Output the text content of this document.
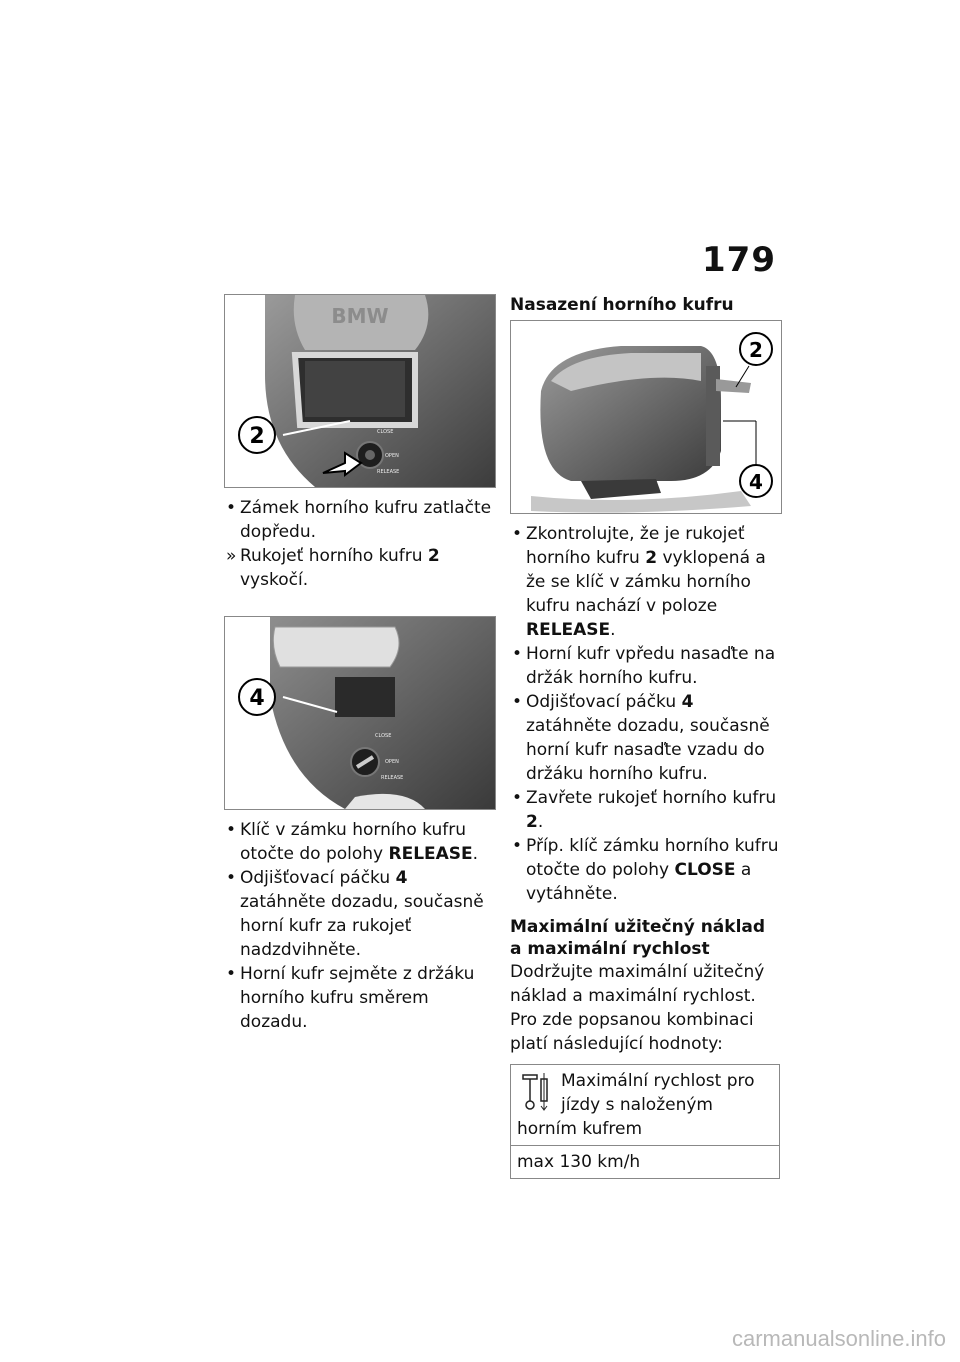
179
BMW
2	CLOSE
OPEN
RELEASE
• Zámek horního kufru zatlačte dopředu.
» Rukojeť horního kufru 2 vyskočí.
4
CLOSE
OPEN
RELEASE
• Klíč v zámku horního kufru otočte do polohy RELEASE.
• Odjišťovací páčku 4 zatáhněte dozadu, současně horní kufr za rukojeť nadzdvihněte.
• Horní kufr sejměte z držáku horního kufru směrem dozadu.
Nasazení horního kufru
2
4
• Zkontrolujte, že je rukojeť horního kufru 2 vyklopená a že se klíč v zámku horního kufru nachází v poloze RELEASE.
• Horní kufr vpředu nasaďte na držák horního kufru.
• Odjišťovací páčku 4 zatáhněte dozadu, současně horní kufr nasaďte vzadu do držáku horního kufru.
• Zavřete rukojeť horního kufru 2.
• Příp. klíč zámku horního kufru otočte do polohy CLOSE a vytáhněte.
Maximální užitečný náklad
a maximální rychlost

Dodržujte maximální užitečný náklad a maximální rychlost. Pro zde popsanou kombinaci platí následující hodnoty:

Maximální rychlost pro jízdy s naloženým horním kufrem
max 130 km/h
carmanualsonline.info
